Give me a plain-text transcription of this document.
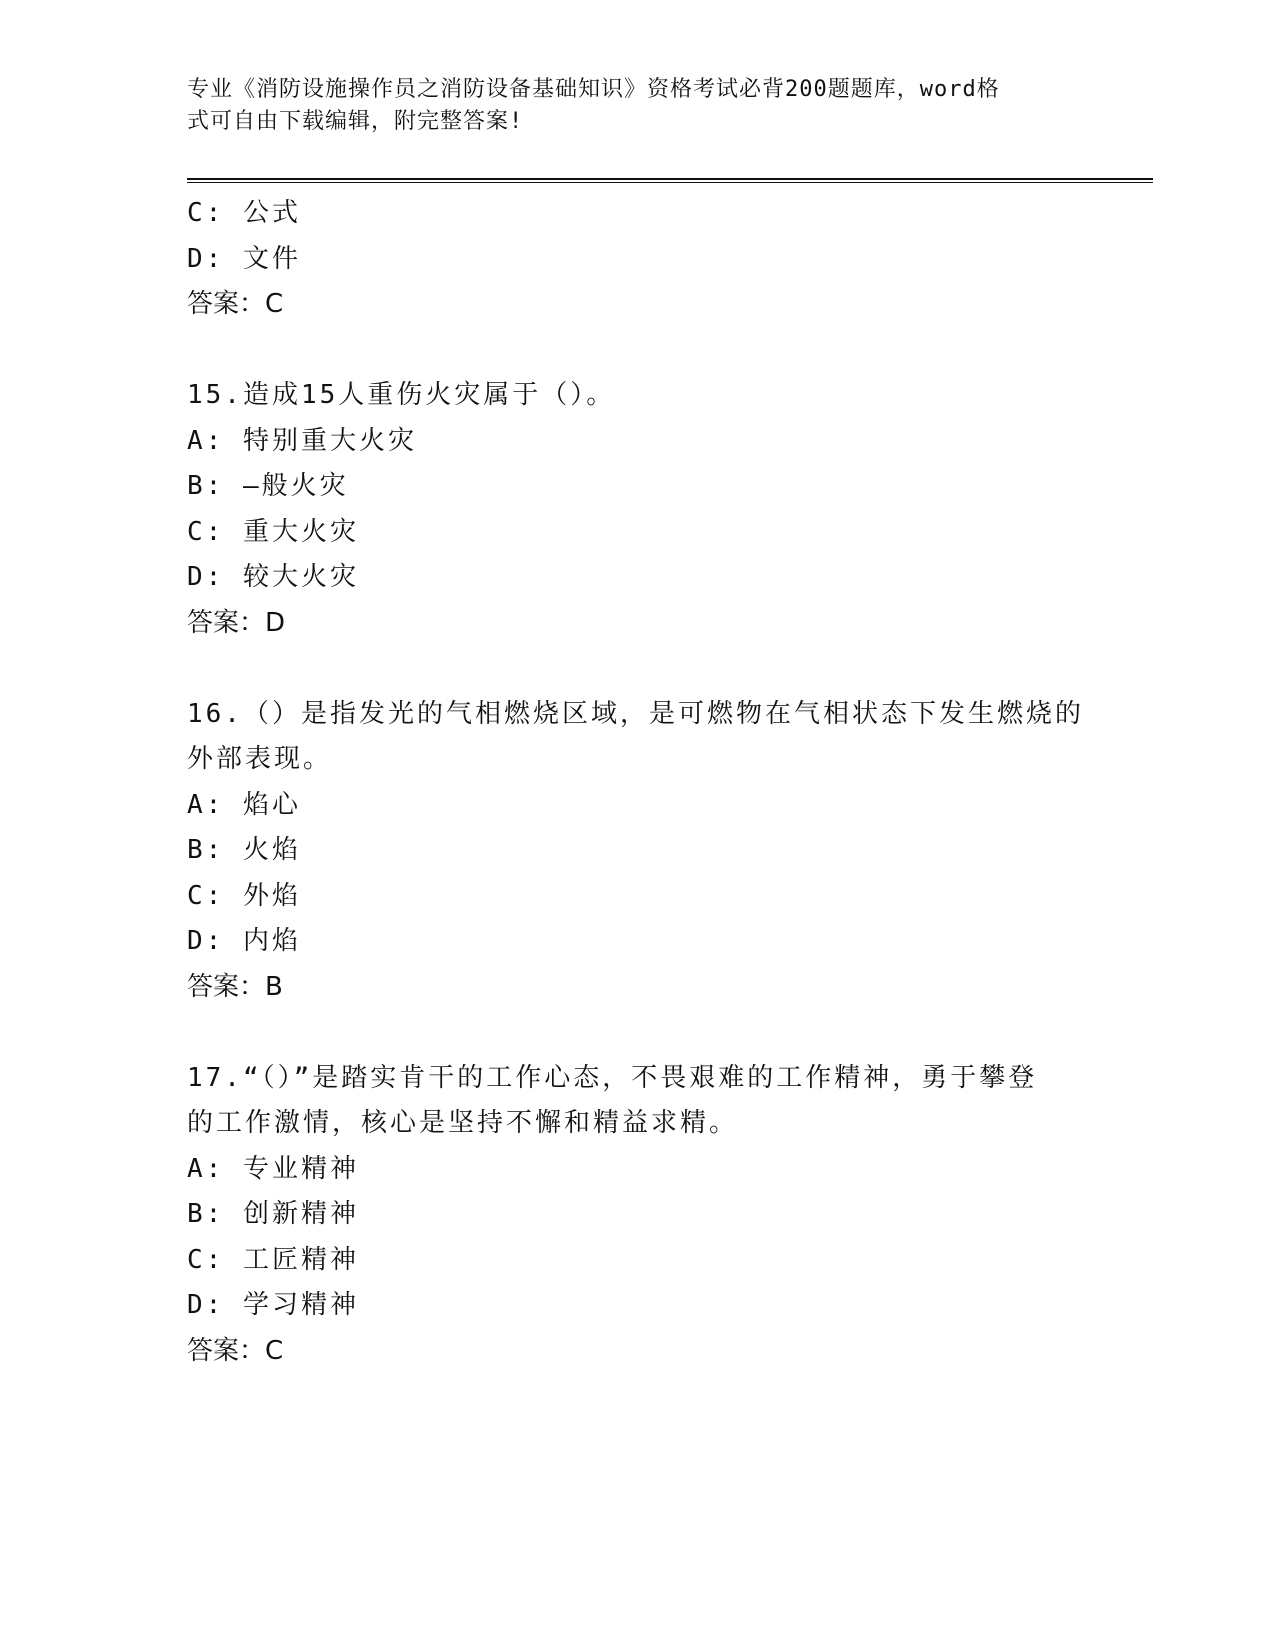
专业《消防设施操作员之消防设备基础知识》资格考试必背200题题库，word格
式可自由下载编辑，附完整答案!
C: 公式
D: 文件
答案：C
15.造成15人重伤火灾属于（）。
A: 特别重大火灾
B: —般火灾
C: 重大火灾
D: 较大火灾
答案：D
16.（）是指发光的气相燃烧区域，是可燃物在气相状态下发生燃烧的
外部表现。
A: 焰心
B: 火焰
C: 外焰
D: 内焰
答案：B
17.“（）”是踏实肯干的工作心态，不畏艰难的工作精神，勇于攀登
的工作激情，核心是坚持不懈和精益求精。
A: 专业精神
B: 创新精神
C: 工匠精神
D: 学习精神
答案：C
